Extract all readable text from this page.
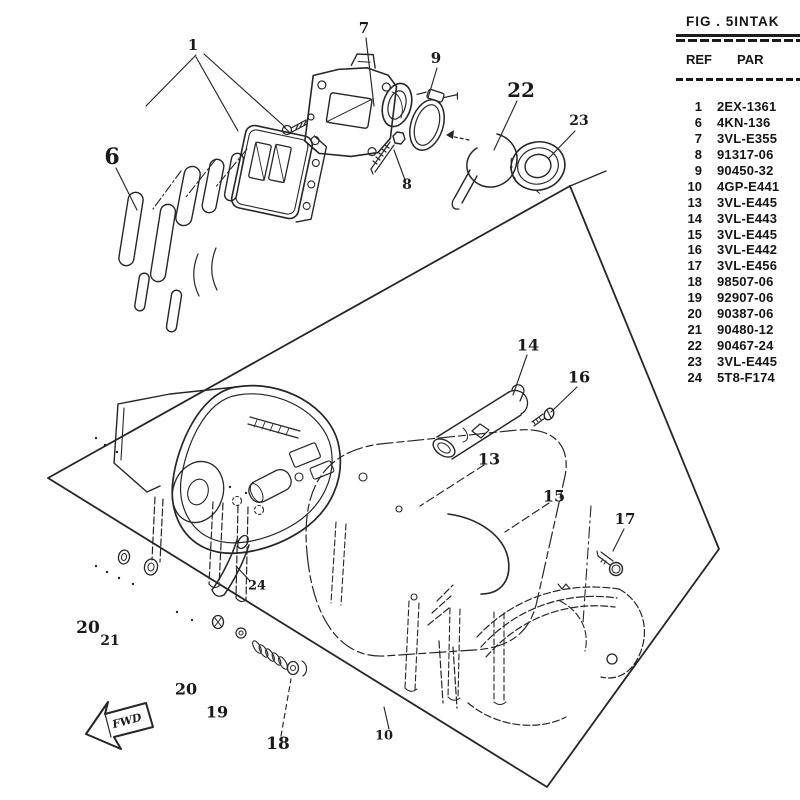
1
7
9
22
23
6
8
14
16
13
15
17
24
20
21
20
19
18	10
FWD
FIG . 5INTAK
REF PAR
1 2EX-1361
6 4KN-136
7 3VL-E355
8 91317-06
9 90450-32
10 4GP-E441
13 3VL-E445
14 3VL-E443
15 3VL-E445
16 3VL-E442
17 3VL-E456
18 98507-06
19 92907-06
20 90387-06
21 90480-12
22 90467-24
23 3VL-E445
24 5T8-F174
